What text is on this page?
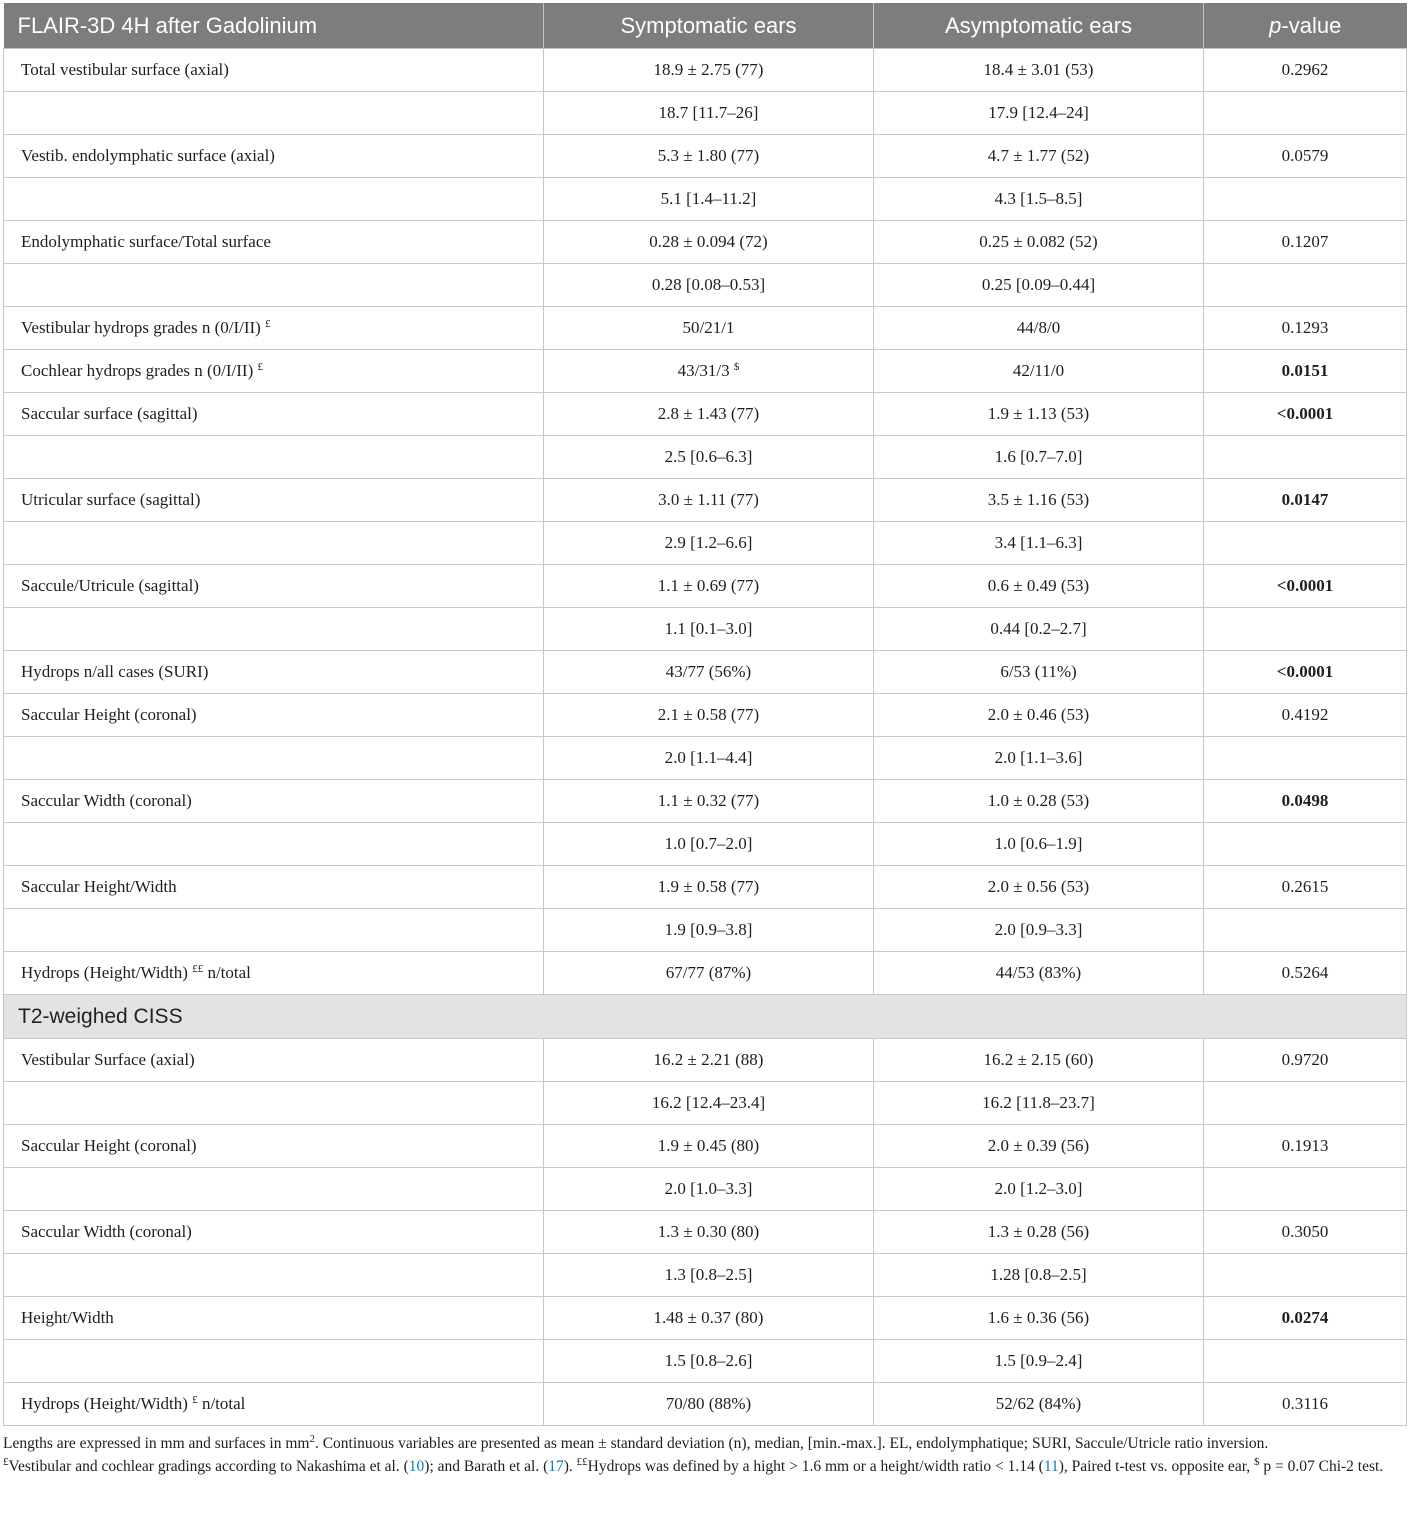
FLAIR-3D 4H after Gadolinium	Symptomatic ears	Asymptomatic ears	p-value
Total vestibular surface (axial)	18.9 ± 2.75 (77)	18.4 ± 3.01 (53)	0.2962
	18.7 [11.7–26]	17.9 [12.4–24]	
Vestib. endolymphatic surface (axial)	5.3 ± 1.80 (77)	4.7 ± 1.77 (52)	0.0579
	5.1 [1.4–11.2]	4.3 [1.5–8.5]	
Endolymphatic surface/Total surface	0.28 ± 0.094 (72)	0.25 ± 0.082 (52)	0.1207
	0.28 [0.08–0.53]	0.25 [0.09–0.44]	
Vestibular hydrops grades n (0/I/II) £	50/21/1	44/8/0	0.1293
Cochlear hydrops grades n (0/I/II) £	43/31/3 $	42/11/0	0.0151
Saccular surface (sagittal)	2.8 ± 1.43 (77)	1.9 ± 1.13 (53)	<0.0001
	2.5 [0.6–6.3]	1.6 [0.7–7.0]	
Utricular surface (sagittal)	3.0 ± 1.11 (77)	3.5 ± 1.16 (53)	0.0147
	2.9 [1.2–6.6]	3.4 [1.1–6.3]	
Saccule/Utricule (sagittal)	1.1 ± 0.69 (77)	0.6 ± 0.49 (53)	<0.0001
	1.1 [0.1–3.0]	0.44 [0.2–2.7]	
Hydrops n/all cases (SURI)	43/77 (56%)	6/53 (11%)	<0.0001
Saccular Height (coronal)	2.1 ± 0.58 (77)	2.0 ± 0.46 (53)	0.4192
	2.0 [1.1–4.4]	2.0 [1.1–3.6]	
Saccular Width (coronal)	1.1 ± 0.32 (77)	1.0 ± 0.28 (53)	0.0498
	1.0 [0.7–2.0]	1.0 [0.6–1.9]	
Saccular Height/Width	1.9 ± 0.58 (77)	2.0 ± 0.56 (53)	0.2615
	1.9 [0.9–3.8]	2.0 [0.9–3.3]	
Hydrops (Height/Width) ££ n/total	67/77 (87%)	44/53 (83%)	0.5264
T2-weighed CISS			
Vestibular Surface (axial)	16.2 ± 2.21 (88)	16.2 ± 2.15 (60)	0.9720
	16.2 [12.4–23.4]	16.2 [11.8–23.7]	
Saccular Height (coronal)	1.9 ± 0.45 (80)	2.0 ± 0.39 (56)	0.1913
	2.0 [1.0–3.3]	2.0 [1.2–3.0]	
Saccular Width (coronal)	1.3 ± 0.30 (80)	1.3 ± 0.28 (56)	0.3050
	1.3 [0.8–2.5]	1.28 [0.8–2.5]	
Height/Width	1.48 ± 0.37 (80)	1.6 ± 0.36 (56)	0.0274
	1.5 [0.8–2.6]	1.5 [0.9–2.4]	
Hydrops (Height/Width) £ n/total	70/80 (88%)	52/62 (84%)	0.3116

Lengths are expressed in mm and surfaces in $mm^2$. Continuous variables are presented as mean ± standard deviation (n), median, [min.-max.]. EL, endolymphatique; SURI, Saccule/Utricle ratio inversion.

£Vestibular and cochlear gradings according to Nakashima et al. (10); and Barath et al. (17). ££Hydrops was defined by a hight > 1.6 mm or a height/width ratio < 1.14 (11), Paired t-test vs. opposite ear, $ p = 0.07 Chi-2 test.
